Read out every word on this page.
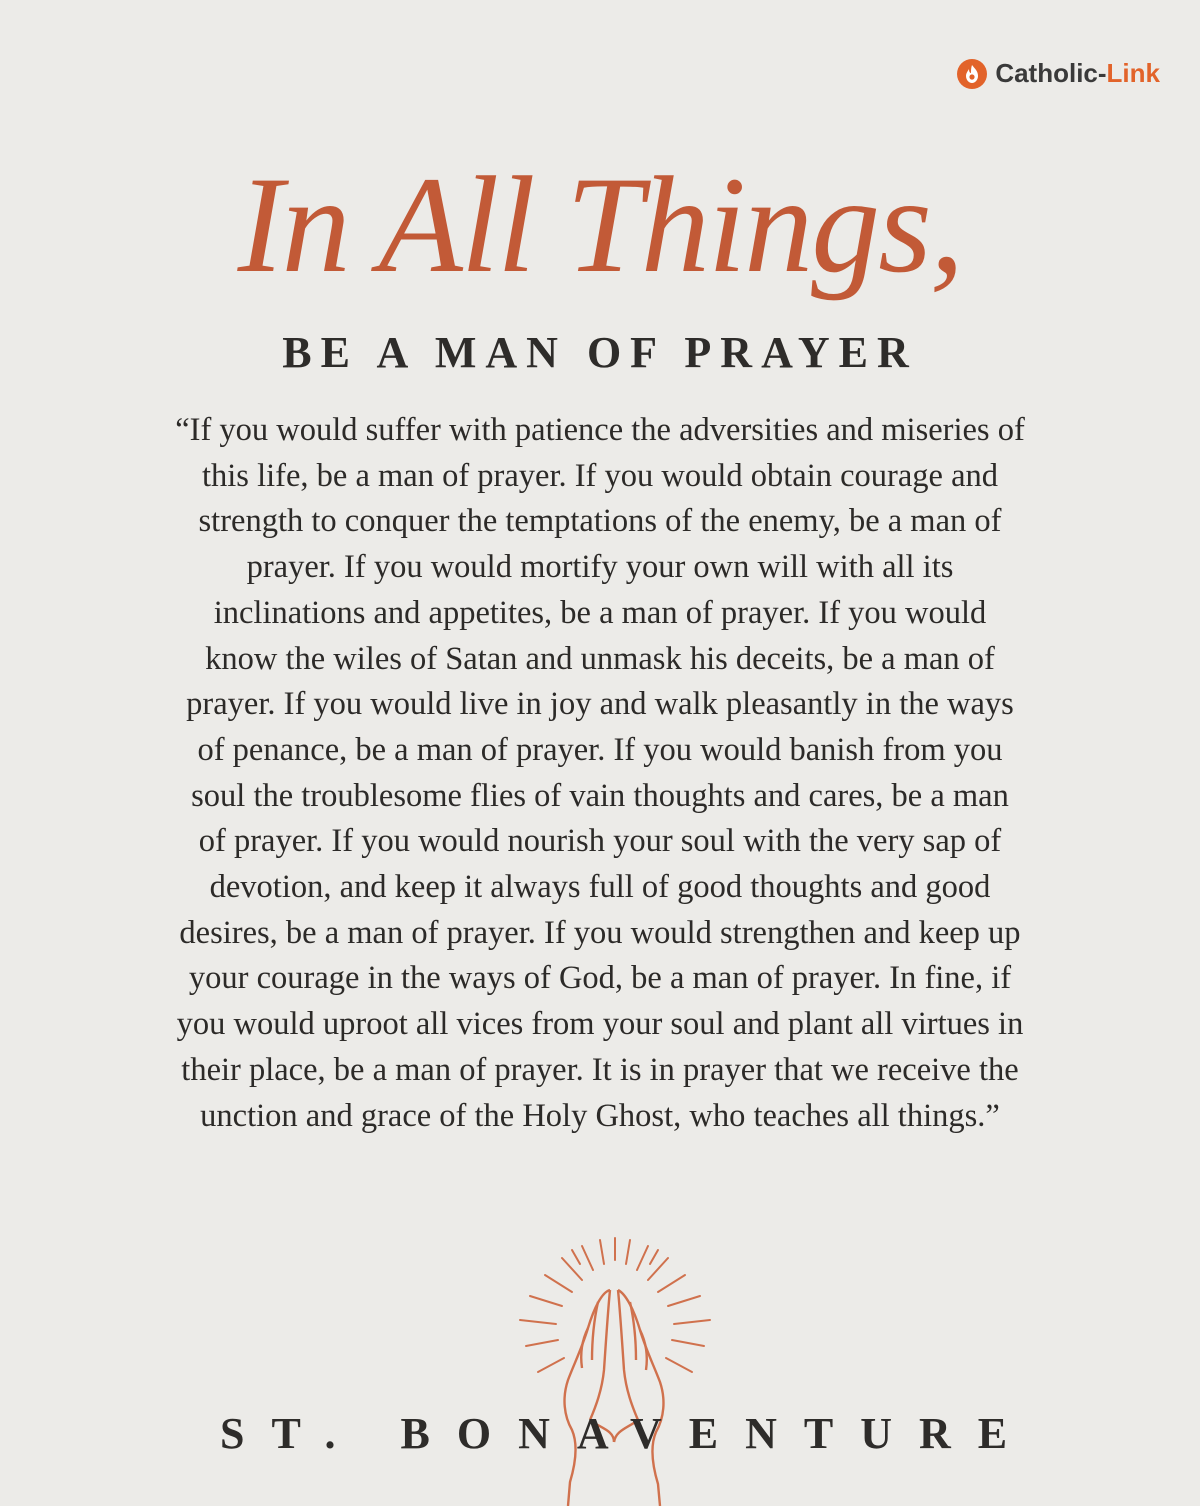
Catholic- Link
In All Things,
BE A MAN OF PRAYER
“If you would suffer with patience the adversities and miseries of this life, be a man of prayer. If you would obtain courage and strength to conquer the temptations of the enemy, be a man of prayer. If you would mortify your own will with all its inclinations and appetites, be a man of prayer. If you would know the wiles of Satan and unmask his deceits, be a man of prayer. If you would live in joy and walk pleasantly in the ways of penance, be a man of prayer. If you would banish from you soul the troublesome flies of vain thoughts and cares, be a man of prayer. If you would nourish your soul with the very sap of devotion, and keep it always full of good thoughts and good desires, be a man of prayer. If you would strengthen and keep up your courage in the ways of God, be a man of prayer. In fine, if you would uproot all vices from your soul and plant all virtues in their place, be a man of prayer. It is in prayer that we receive the unction and grace of the Holy Ghost, who teaches all things.”
ST. BONAVENTURE
